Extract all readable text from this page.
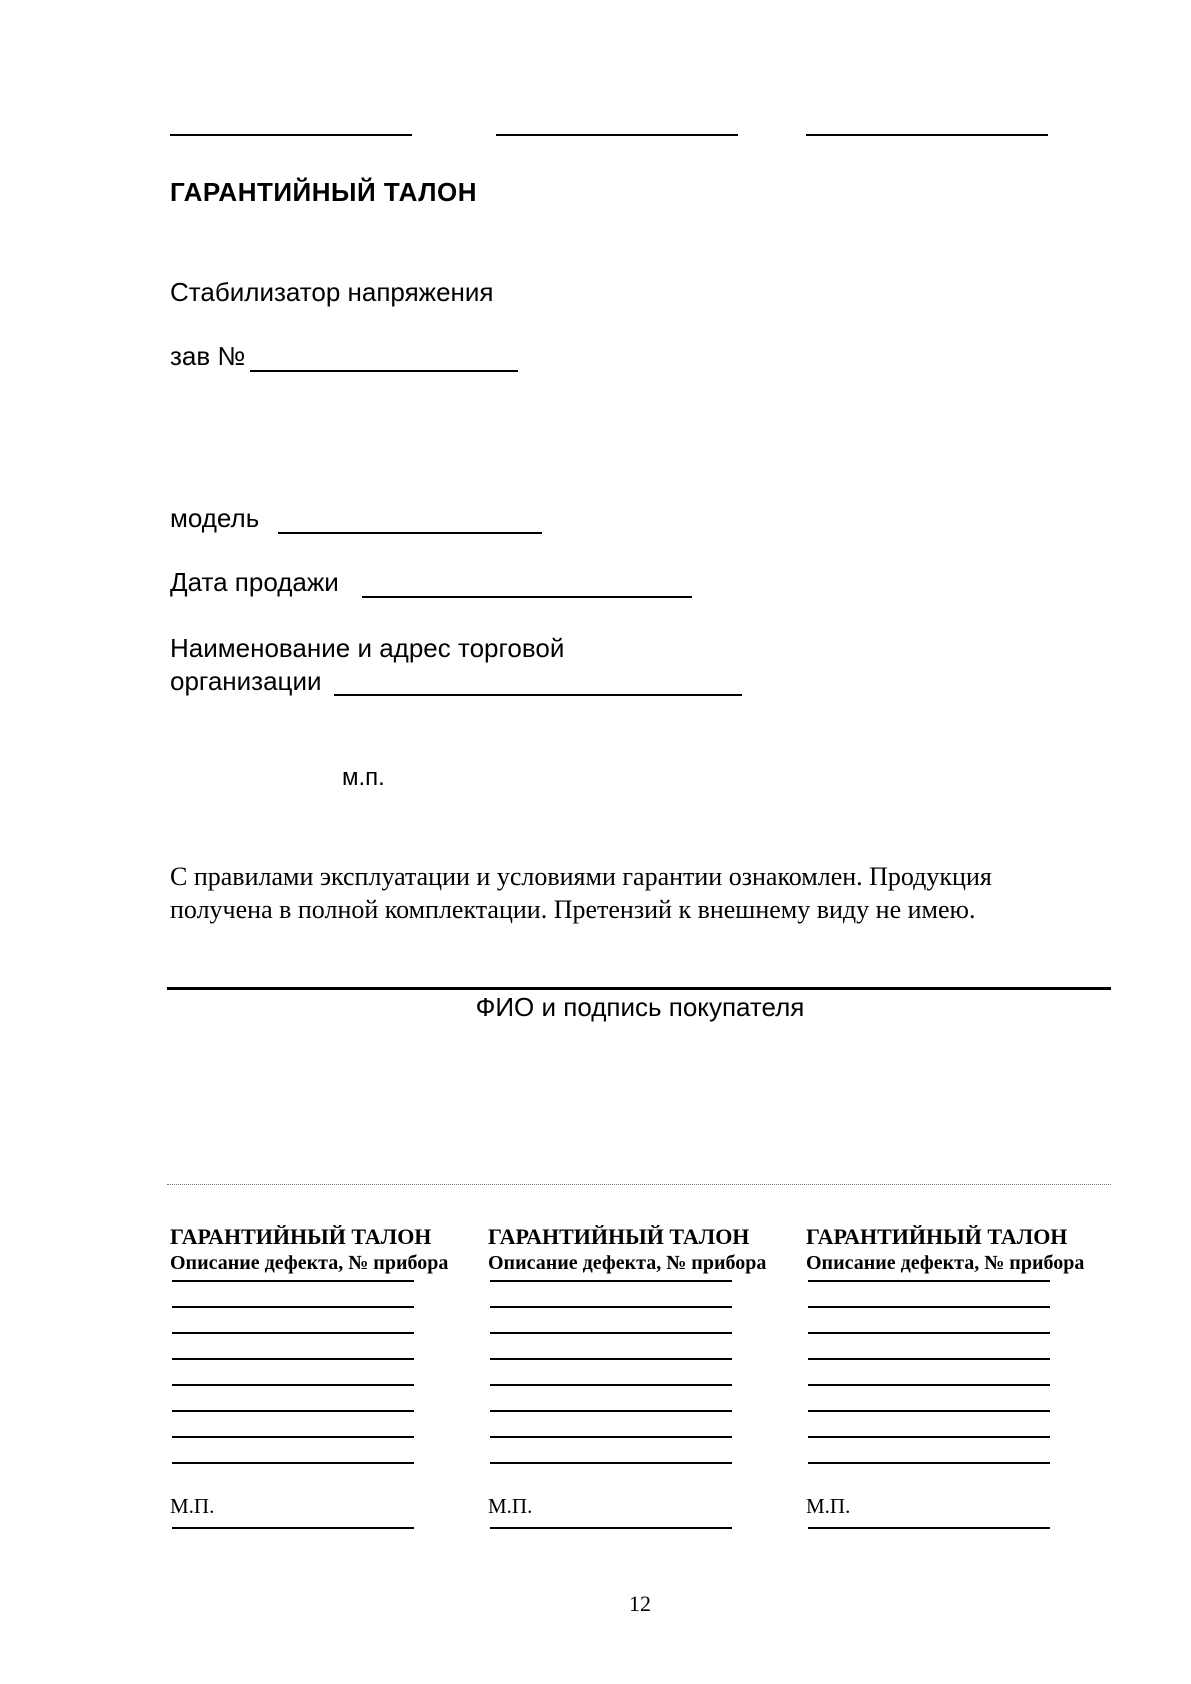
ГАРАНТИЙНЫЙ ТАЛОН
Стабилизатор напряжения
зав №
модель
Дата продажи
Наименование и адрес торговой
организации
м.п.
С правилами эксплуатации и условиями гарантии ознакомлен. Продукция
получена в полной комплектации. Претензий к внешнему виду не имею.
ФИО и подпись покупателя
ГАРАНТИЙНЫЙ ТАЛОН
Описание дефекта, № прибора
М.П.
ГАРАНТИЙНЫЙ ТАЛОН
Описание дефекта, № прибора
М.П.
ГАРАНТИЙНЫЙ ТАЛОН
Описание дефекта, № прибора
М.П.
12
